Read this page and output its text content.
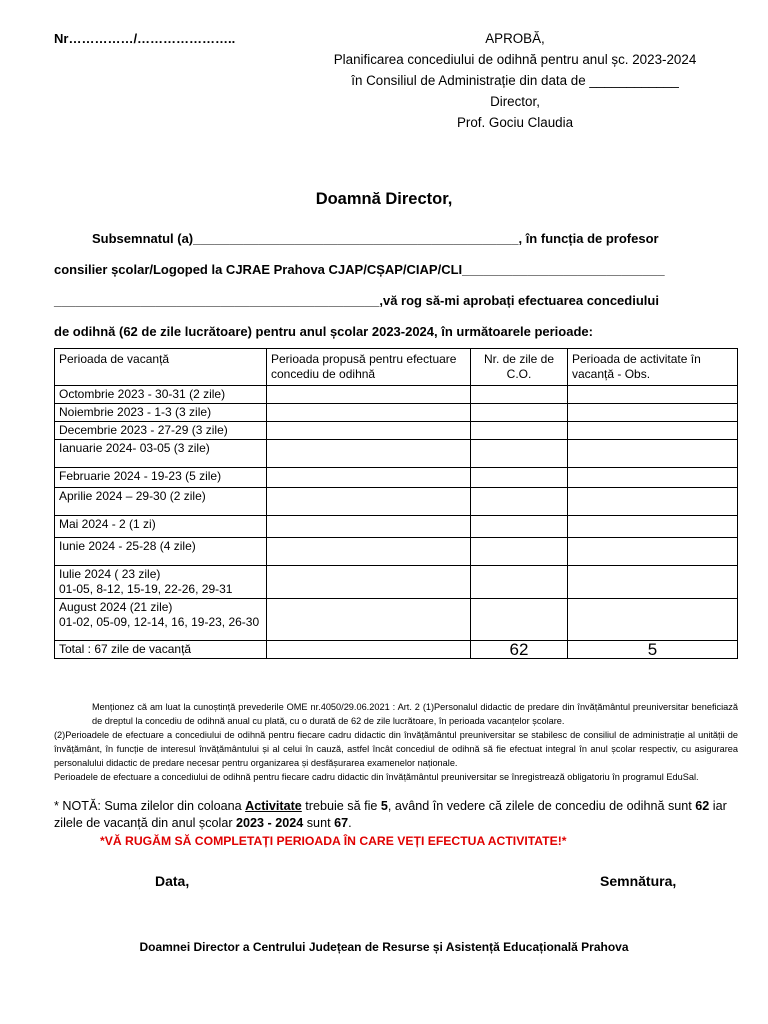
Nr……………/…………………..	APROBĂ,
Planificarea concediului de odihnă pentru anul șc. 2023-2024
în Consiliul de Administrație din data de ____________
Director,
Prof. Gociu Claudia
Doamnă Director,
Subsemnatul (a)_____________________________________________, în funcția de profesor
consilier școlar/Logoped la CJRAE Prahova CJAP/CȘAP/CIAP/CLI____________________________
_____________________________________________,vă rog să-mi aprobați efectuarea concediului
de odihnă (62 de zile lucrătoare) pentru anul școlar 2023-2024, în următoarele perioade:
Perioada de vacanță	Perioada propusă pentru efectuare concediu de odihnă	Nr. de zile de C.O.	Perioada de activitate în vacanță - Obs.
Octombrie 2023 - 30-31 (2 zile)			
Noiembrie 2023 - 1-3 (3 zile)			
Decembrie 2023 - 27-29 (3 zile)			
Ianuarie 2024- 03-05 (3 zile)			
Februarie 2024 - 19-23 (5 zile)			
Aprilie 2024 – 29-30 (2 zile)			
Mai 2024 - 2 (1 zi)			
Iunie 2024 - 25-28 (4 zile)			
Iulie 2024 ( 23 zile)
01-05, 8-12, 15-19, 22-26, 29-31			

August 2024 (21 zile)
01-02, 05-09, 12-14, 16, 19-23, 26-30			

Total : 67 zile de vacanță		62	5
Menționez că am luat la cunoștință prevederile OME nr.4050/29.06.2021 : Art. 2 (1)Personalul didactic de predare din învățământul preuniversitar beneficiază de dreptul la concediu de odihnă anual cu plată, cu o durată de 62 de zile lucrătoare, în perioada vacanțelor școlare.
(2)Perioadele de efectuare a concediului de odihnă pentru fiecare cadru didactic din învățământul preuniversitar se stabilesc de consiliul de administrație al unității de învățământ, în funcție de interesul învățământului și al celui în cauză, astfel încât concediul de odihnă să fie efectuat integral în anul școlar respectiv, cu asigurarea personalului didactic de predare necesar pentru organizarea și desfășurarea examenelor naționale.
Perioadele de efectuare a concediului de odihnă pentru fiecare cadru didactic din învățământul preuniversitar se înregistrează obligatoriu în programul EduSal.
* NOTĂ: Suma zilelor din coloana Activitate trebuie să fie 5, având în vedere că zilele de concediu de odihnă sunt 62 iar zilele de vacanță din anul școlar 2023 - 2024 sunt 67.
*VĂ RUGĂM SĂ COMPLETAȚI PERIOADA ÎN CARE VEȚI EFECTUA ACTIVITATE!*
Data,	Semnătura,
Doamnei Director a Centrului Județean de Resurse și Asistență Educațională Prahova
